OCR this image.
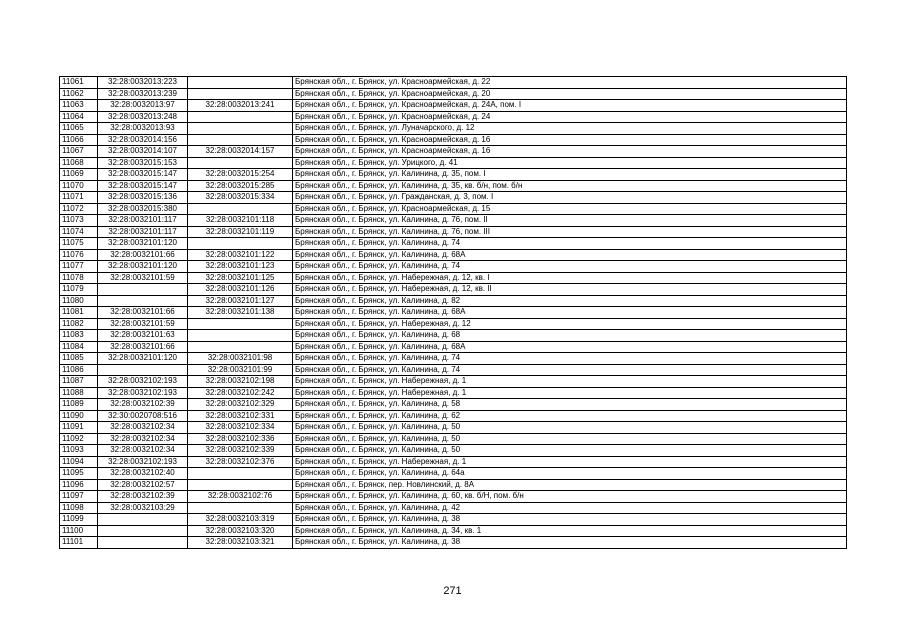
11061	32:28:0032013:223		Брянская обл., г. Брянск, ул. Красноармейская, д. 22
11062	32:28:0032013:239		Брянская обл., г. Брянск, ул. Красноармейская, д. 20
11063	32:28:0032013:97	32:28:0032013:241	Брянская обл., г. Брянск, ул. Красноармейская, д. 24А, пом. I
11064	32:28:0032013:248		Брянская обл., г. Брянск, ул. Красноармейская, д. 24
11065	32:28:0032013:93		Брянская обл., г. Брянск, ул. Луначарского, д. 12
11066	32:28:0032014:156		Брянская обл., г. Брянск, ул. Красноармейская, д. 16
11067	32:28:0032014:107	32:28:0032014:157	Брянская обл., г. Брянск, ул. Красноармейская, д. 16
11068	32:28:0032015:153		Брянская обл., г. Брянск, ул. Урицкого, д. 41
11069	32:28:0032015:147	32:28:0032015:254	Брянская обл., г. Брянск, ул. Калинина, д. 35, пом. I
11070	32:28:0032015:147	32:28:0032015:285	Брянская обл., г. Брянск, ул. Калинина, д. 35, кв. б/н, пом. б/н
11071	32:28:0032015:136	32:28:0032015:334	Брянская обл., г. Брянск, ул. Гражданская, д. 3, пом. I
11072	32:28:0032015:380		Брянская обл., г. Брянск, ул. Красноармейская, д. 15
11073	32:28:0032101:117	32:28:0032101:118	Брянская обл., г. Брянск, ул. Калинина, д. 76, пом. II
11074	32:28:0032101:117	32:28:0032101:119	Брянская обл., г. Брянск, ул. Калинина, д. 76, пом. III
11075	32:28:0032101:120		Брянская обл., г. Брянск, ул. Калинина, д. 74
11076	32:28:0032101:66	32:28:0032101:122	Брянская обл., г. Брянск, ул. Калинина, д. 68А
11077	32:28:0032101:120	32:28:0032101:123	Брянская обл., г. Брянск, ул. Калинина, д. 74
11078	32:28:0032101:59	32:28:0032101:125	Брянская обл., г. Брянск, ул. Набережная, д. 12, кв. I
11079		32:28:0032101:126	Брянская обл., г. Брянск, ул. Набережная, д. 12, кв. II
11080		32:28:0032101:127	Брянская обл., г. Брянск, ул. Калинина, д. 82
11081	32:28:0032101:66	32:28:0032101:138	Брянская обл., г. Брянск, ул. Калинина, д. 68А
11082	32:28:0032101:59		Брянская обл., г. Брянск, ул. Набережная, д. 12
11083	32:28:0032101:63		Брянская обл., г. Брянск, ул. Калинина, д. 68
11084	32:28:0032101:66		Брянская обл., г. Брянск, ул. Калинина, д. 68А
11085	32:28:0032101:120	32:28:0032101:98	Брянская обл., г. Брянск, ул. Калинина, д. 74
11086		32:28:0032101:99	Брянская обл., г. Брянск, ул. Калинина, д. 74
11087	32:28:0032102:193	32:28:0032102:198	Брянская обл., г. Брянск, ул. Набережная, д. 1
11088	32:28:0032102:193	32:28:0032102:242	Брянская обл., г. Брянск, ул. Набережная, д. 1
11089	32:28:0032102:39	32:28:0032102:329	Брянская обл., г. Брянск, ул. Калинина, д. 58
11090	32:30:0020708:516	32:28:0032102:331	Брянская обл., г. Брянск, ул. Калинина, д. 62
11091	32:28:0032102:34	32:28:0032102:334	Брянская обл., г. Брянск, ул. Калинина, д. 50
11092	32:28:0032102:34	32:28:0032102:336	Брянская обл., г. Брянск, ул. Калинина, д. 50
11093	32:28:0032102:34	32:28:0032102:339	Брянская обл., г. Брянск, ул. Калинина, д. 50
11094	32:28:0032102:193	32:28:0032102:376	Брянская обл., г. Брянск, ул. Набережная, д. 1
11095	32:28:0032102:40		Брянская обл., г. Брянск, ул. Калинина, д. 64а
11096	32:28:0032102:57		Брянская обл., г. Брянск, пер. Новлинский, д. 8А
11097	32:28:0032102:39	32:28:0032102:76	Брянская обл., г. Брянск, ул. Калинина, д. 60, кв. б/Н, пом. б/н
11098	32:28:0032103:29		Брянская обл., г. Брянск, ул. Калинина, д. 42
11099		32:28:0032103:319	Брянская обл., г. Брянск, ул. Калинина, д. 38
11100		32:28:0032103:320	Брянская обл., г. Брянск, ул. Калинина, д. 34, кв. 1
11101		32:28:0032103:321	Брянская обл., г. Брянск, ул. Калинина, д. 38
271
